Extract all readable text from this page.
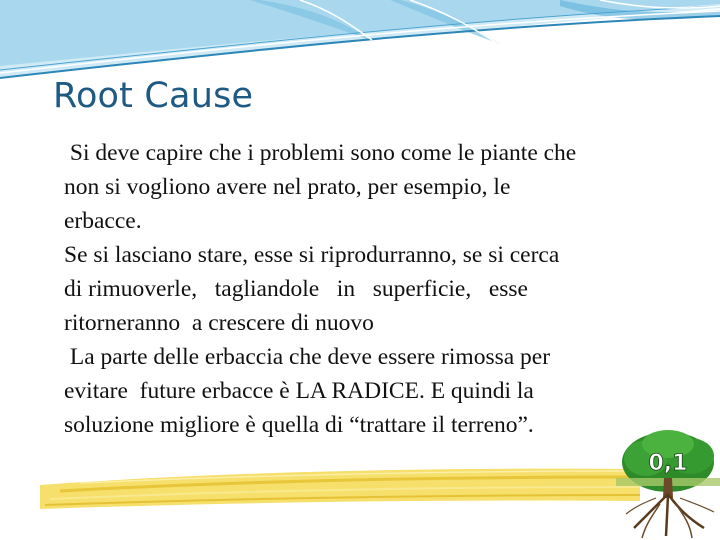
Root Cause

Si deve capire che i problemi sono come le piante che
non si vogliono avere nel prato, per esempio, le
erbacce.

Se si lasciano stare, esse si riprodurranno, se si cerca
di rimuoverle,   tagliandole   in   superficie,   esse
ritorneranno  a crescere di nuovo

La parte delle erbaccia che deve essere rimossa per
evitare  future erbacce è LA RADICE. E quindi la
soluzione migliore è quella di “trattare il terreno”.

0,1
